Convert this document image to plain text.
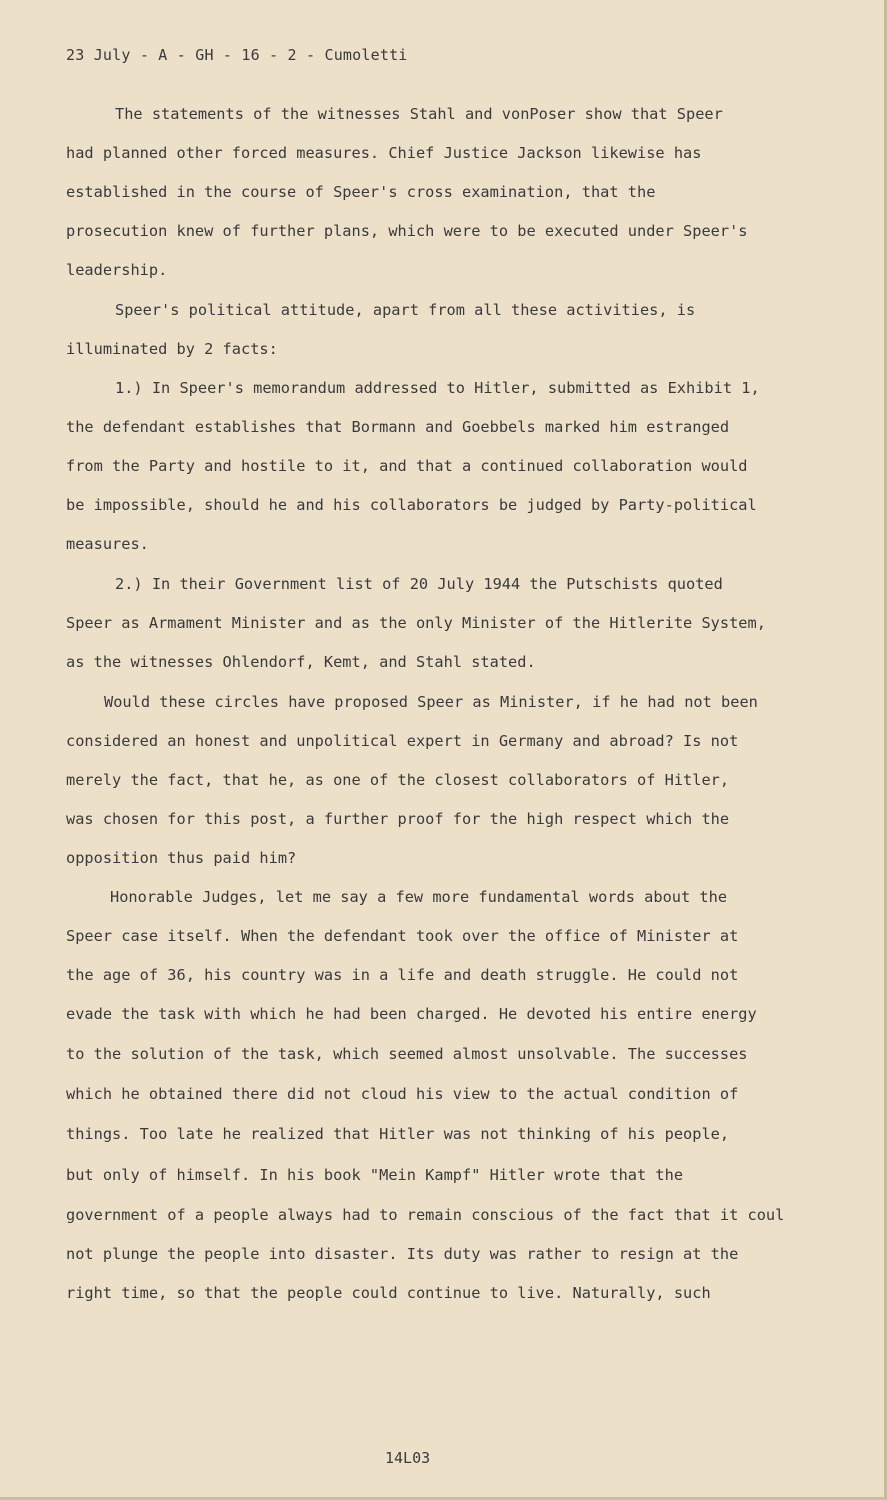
23 July - A - GH - 16 - 2 - Cumoletti
The statements of the witnesses Stahl and vonPoser show that Speer
had planned other forced measures. Chief Justice Jackson likewise has
established in the course of Speer's cross examination, that the
prosecution knew of further plans, which were to be executed under Speer's
leadership.
Speer's political attitude, apart from all these activities, is
illuminated by 2 facts:
1.) In Speer's memorandum addressed to Hitler, submitted as Exhibit 1,
the defendant establishes that Bormann and Goebbels marked him estranged
from the Party and hostile to it, and that a continued collaboration would
be impossible, should he and his collaborators be judged by Party-political
measures.
2.) In their Government list of 20 July 1944 the Putschists quoted
Speer as Armament Minister and as the only Minister of the Hitlerite System,
as the witnesses Ohlendorf, Kemt, and Stahl stated.
Would these circles have proposed Speer as Minister, if he had not been
considered an honest and unpolitical expert in Germany and abroad? Is not
merely the fact, that he, as one of the closest collaborators of Hitler,
was chosen for this post, a further proof for the high respect which the
opposition thus paid him?
Honorable Judges, let me say a few more fundamental words about the
Speer case itself. When the defendant took over the office of Minister at
the age of 36, his country was in a life and death struggle. He could not
evade the task with which he had been charged. He devoted his entire energy
to the solution of the task, which seemed almost unsolvable. The successes
which he obtained there did not cloud his view to the actual condition of
things. Too late he realized that Hitler was not thinking of his people,
but only of himself. In his book "Mein Kampf" Hitler wrote that the
government of a people always had to remain conscious of the fact that it coul
not plunge the people into disaster. Its duty was rather to resign at the
right time, so that the people could continue to live. Naturally, such
14L03
